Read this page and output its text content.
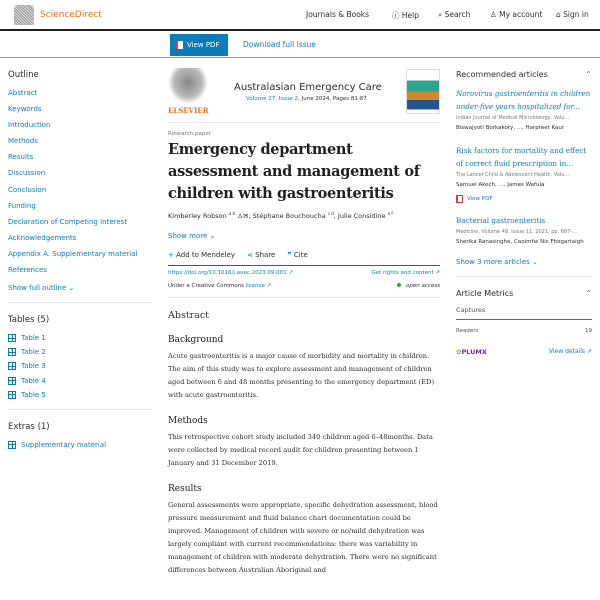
ScienceDirect	Journals & Books	ⓘ Help	⌕ Search	♙ My account ⌂ Sign in
View PDF	Download full issue
Outline
Abstract
Keywords
Introduction
Methods
Results
Discussion
Conclusion
Funding
Declaration of Competing Interest
Acknowledgements
Appendix A. Supplementary material
References
Show full outline ⌄
Tables (5)
Table 1
Table 2
Table 3
Table 4
Table 5
Extras (1)
Supplementary material
ELSEVIER
Australasian Emergency Care
Volume 27, Issue 2, June 2024, Pages 81-87
Research paper
Emergency department assessment and management of children with gastroenteritis
Kimberley Robson $^{a b}$ ♙✉, Stéphane Bouchoucha $^{c d}$, Julie Considine $^{e f}$
Show more ⌄
+ Add to Mendeley ⋖ Share ❞ Cite
https://doi.org/10.1016/j.auec.2023.09.001 ↗	Get rights and content ↗
Under a Creative Commons license ↗	open access
Abstract
Background

Acute gastroenteritis is a major cause of morbidity and mortality in children. The aim of this study was to explore assessment and management of children aged between 6 and 48 months presenting to the emergency department (ED) with acute gastroenteritis.

Methods

This retrospective cohort study included 340 children aged 6–48months. Data were collected by medical record audit for children presenting between 1 January and 31 December 2019.

Results

General assessments were appropriate, specific dehydration assessment, blood pressure measurement and fluid balance chart documentation could be improved. Management of children with severe or no/mild dehydration was largely compliant with current recommendations: there was variability in management of children with moderate dehydration. There were no significant differences between Australian Aboriginal and

Recommended articles	⌃
Norovirus gastroenteritis in children under-five years hospitalized for...
Indian Journal of Medical Microbiology, Volu...
Biswajyoti Borkakoty, ..., Harpreet Kaur
Risk factors for mortality and effect of correct fluid prescription in...
The Lancet Child & Adolescent Health, Volu...
Samuel Akech, ..., James Wafula
View PDF
Bacterial gastroenteritis
Medicine, Volume 49, Issue 11, 2021, pp. 687-...
Sherika Ranasinghe, Caoimhe Nic Fhogartaigh
Show 3 more articles ⌄
Article Metrics	⌃
Captures
Readers	19
✿PLUMX	View details ↗
